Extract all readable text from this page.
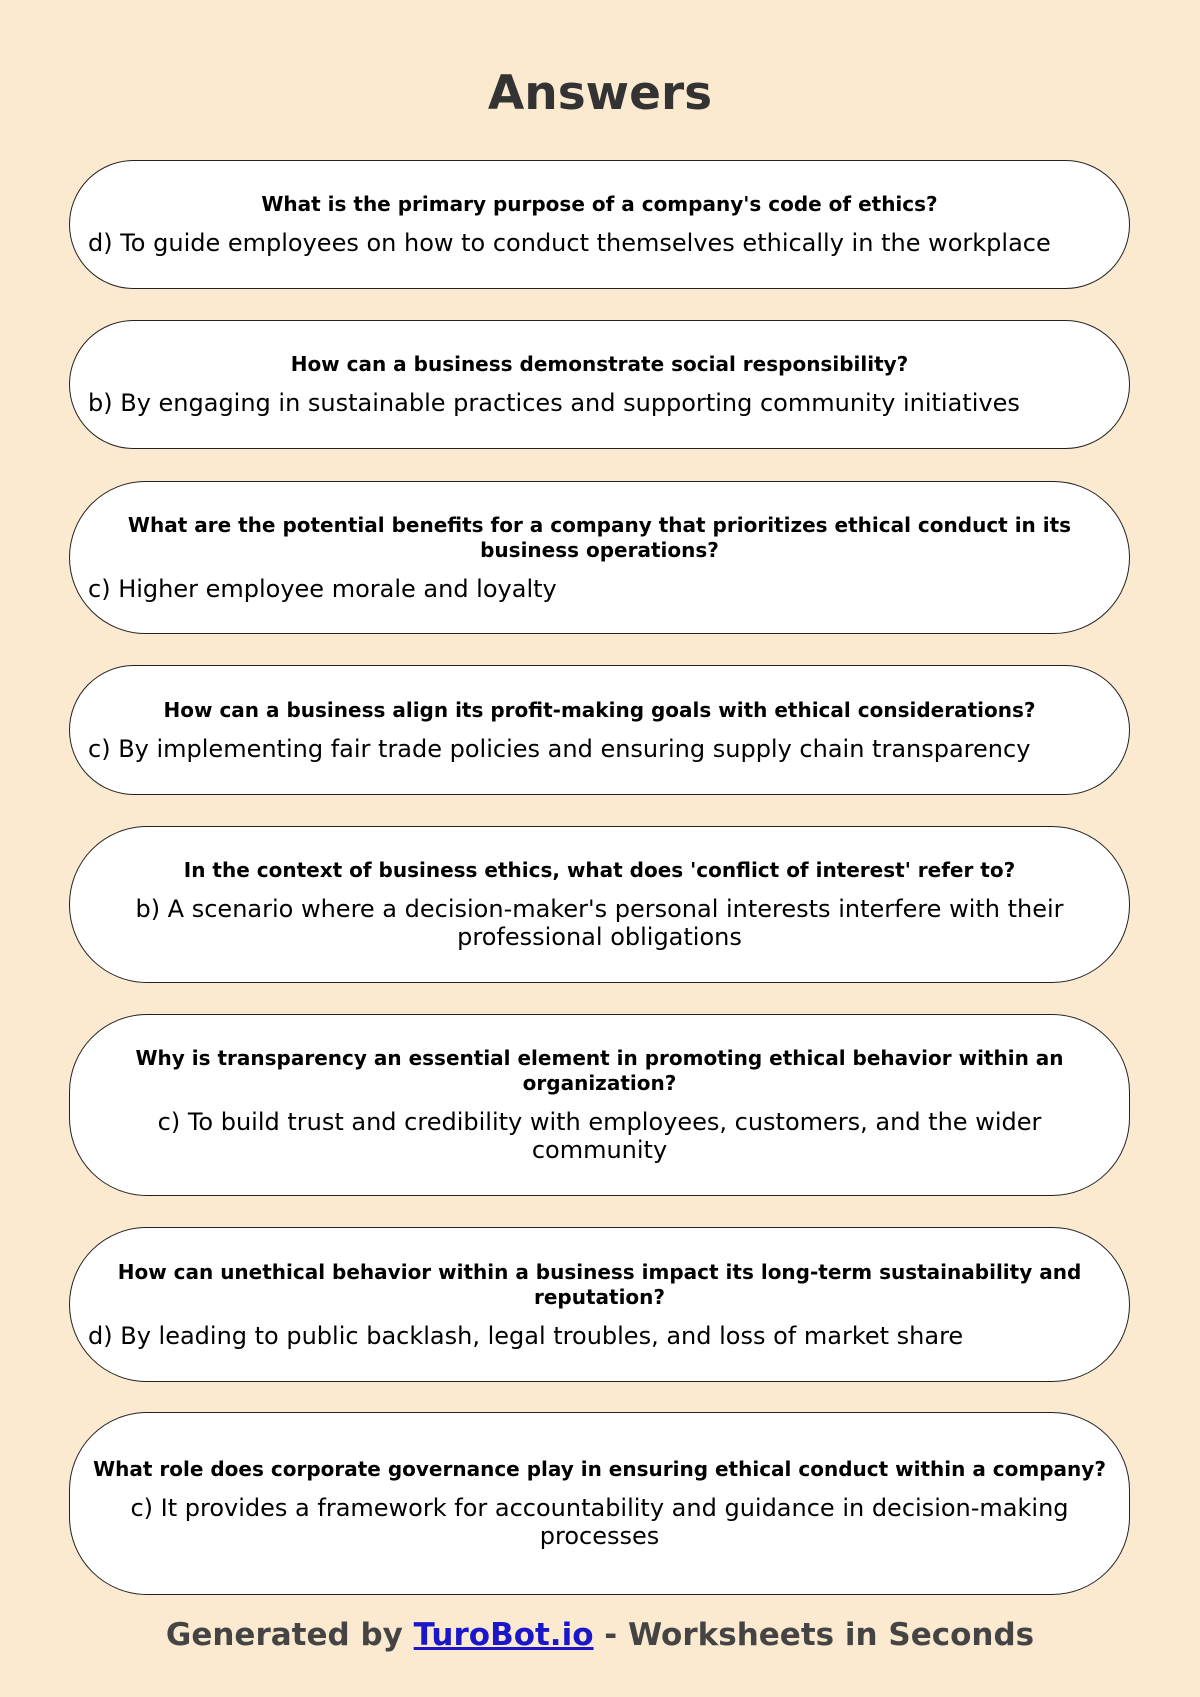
Answers
What is the primary purpose of a company's code of ethics?
d) To guide employees on how to conduct themselves ethically in the workplace
How can a business demonstrate social responsibility?
b) By engaging in sustainable practices and supporting community initiatives
What are the potential benefits for a company that prioritizes ethical conduct in its business operations?
c) Higher employee morale and loyalty
How can a business align its profit-making goals with ethical considerations?
c) By implementing fair trade policies and ensuring supply chain transparency
In the context of business ethics, what does 'conflict of interest' refer to?
b) A scenario where a decision-maker's personal interests interfere with their professional obligations
Why is transparency an essential element in promoting ethical behavior within an organization?
c) To build trust and credibility with employees, customers, and the wider community
How can unethical behavior within a business impact its long-term sustainability and reputation?
d) By leading to public backlash, legal troubles, and loss of market share
What role does corporate governance play in ensuring ethical conduct within a company?
c) It provides a framework for accountability and guidance in decision-making processes
Generated by TuroBot.io - Worksheets in Seconds
